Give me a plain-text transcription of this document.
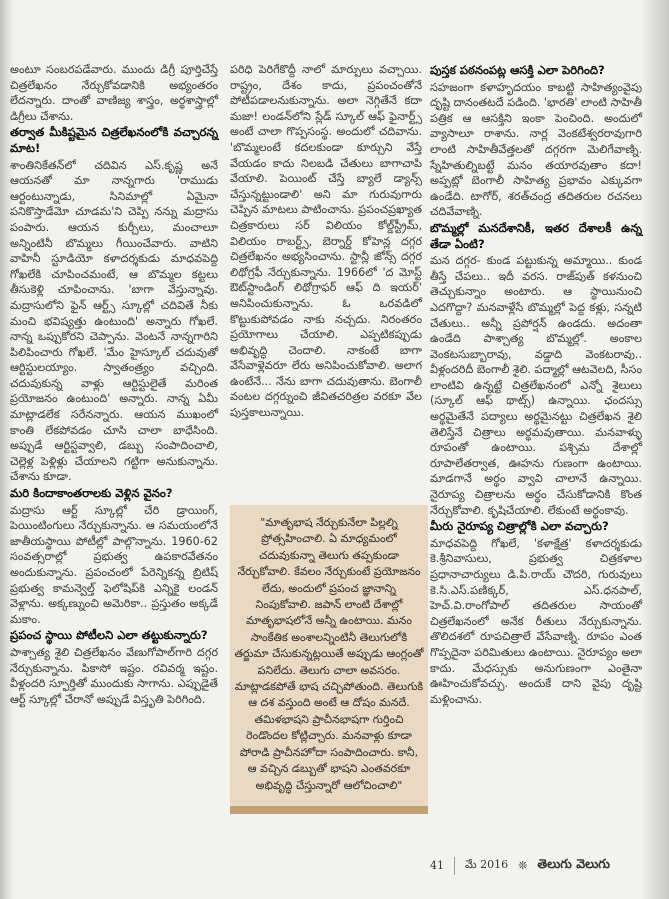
అంటూ సంబరపడేవారు. ముందు డిగ్రీ పూర్తిచేస్తే చిత్రలేఖనం నేర్చుకోవడానికి అభ్యంతరం లేదన్నారు. దాంతో వాణిజ్య శాస్త్రం, అర్థశాస్త్రాల్లో డిగ్రీలు చేశాను.

తర్వాత మీకిష్టమైన చిత్రలేఖనంలోకి వచ్చారన్న మాట!

శాంతినికేతన్‌లో చదివిన ఎస్.కృష్ణ అనే ఆయనతో మా నాన్నగారు 'రాముడు ఆర్టంటున్నాడు, సినిమాల్లో ఏమైనా పనికొస్తాడేమో చూడమ'ని చెప్పి నన్ను మద్రాసు పంపారు. ఆయన కుర్చీలు, మంచాలూ అన్నింటినీ బొమ్మలు గీయించేవారు. వాటిని వాహినీ స్టూడియో కళాదర్శకుడు మాధవపెద్ది గోఖలేకి చూపించమంటే, ఆ బొమ్మల కట్టలు తీసుకెళ్లి చూపించాను. 'బాగా వేస్తున్నావు. మద్రాసులోని ఫైన్ ఆర్ట్స్ స్కూల్లో చదివితే నీకు మంచి భవిష్యత్తు ఉంటుంది' అన్నారు గోఖలే. నాన్న ఒప్పుకోరని చెప్పాను. వెంటనే నాన్నగారిని పిలిపించారు గోఖలే. 'మేం హైస్కూల్ చదువుతో ఆర్టిస్టులయ్యాం. స్వాతంత్ర్యం వచ్చింది. చదువుకున్న వాళ్లు ఆర్టిస్టులైతే మరింత ప్రయోజనం ఉంటుంది' అన్నారు. నాన్న ఏమీ మాట్లాడలేక సరేనన్నారు. ఆయన ముఖంలో కాంతి లేకపోవడం చూసి చాలా బాధేసింది. అప్పుడే ఆర్టిస్టవ్వాలి, డబ్బు సంపాదించాలి, చెల్లెళ్ల పెళ్లిళ్లు చేయాలని గట్టిగా అనుకున్నాను. చేశాను కూడా.

మరి కిందాకాంతరాలకు వెళ్లిన వైనం?

మద్రాసు ఆర్ట్ స్కూల్లో చేరి డ్రాయింగ్, పెయింటింగులు నేర్చుకున్నాను. ఆ సమయంలోనే జాతీయస్థాయి పోటీల్లో పాల్గొన్నాను. 1960-62 సంవత్సరాల్లో ప్రభుత్వ ఉపకారవేతనం అందుకున్నాను. ప్రపంచంలో పేరెన్నికన్న బ్రిటిష్ ప్రభుత్వ కామన్వెల్త్ ఫెలోషిప్‌కి ఎన్నికై లండన్ వెళ్లాను. అక్కణ్నుంచి అమెరికా.. ప్రస్తుతం అక్కడే మకాం.

ప్రపంచ స్థాయి పోటీలని ఎలా తట్టుకున్నారు?

పాశ్చాత్య శైలి చిత్రలేఖనం వేణుగోపాల్‌గారి దగ్గర నేర్చుకున్నాను. పికాసో ఇష్టం. రవివర్మ ఇష్టం. వీళ్లందరి స్ఫూర్తితో ముందుకు సాగాను. ఎప్పుడైతే ఆర్ట్ స్కూల్లో చేరానో అప్పుడే విస్తృతి పెరిగింది.

పరిధి పెరిగేకొద్దీ నాలో మార్పులు వచ్చాయి. రాష్ట్రం, దేశం కాదు, ప్రపంచంతోనే పోటీపడాలనుకున్నాను. అలా నెగ్గితేనే కదా మజా! లండన్‌లోని స్లేడ్ స్కూల్ ఆఫ్ ఫైనార్ట్స్ అంటే చాలా గొప్పసంస్థ. అందులో చదివాను. 'బొమ్మలంటే కదలకుండా కూర్చుని వేస్తే వేయడం కాదు నిలబడి చేతులు బాగాచాపి వేయాలి. పెయింట్ చేస్తే బ్యాలే డ్యాన్స్ చేస్తున్నట్టుండాలి' అని మా గురువుగారు చెప్పిన మాటలు పాటించాను. ప్రపంచప్రఖ్యాత చిత్రకారులు సర్ విలియం కోల్డ్‌స్ట్రీమ్, విలియం రాబర్ట్స్, బెర్నార్డ్ కోహెన్ల దగ్గర చిత్రలేఖనం అభ్యసించాను. స్టాన్లీ జోన్స్ దగ్గర లిథోగ్రఫీ నేర్చుకున్నాను. 1966లో 'ద మోస్ట్ ఔట్‌స్టాండింగ్ లిథోగ్రాఫర్ ఆఫ్ ది ఇయర్' అనిపించుకున్నాను. ఓ ఒరవడిలో కొట్టుకుపోవడం నాకు నచ్చదు. నిరంతరం ప్రయోగాలు చేయాలి. ఎప్పటికప్పుడు అభివృద్ధి చెందాలి. నాకంటే బాగా వేసేవాళ్లెవరూ లేరు అనిపించుకోవాలి. అలాగ ఉంటేనే... నేను బాగా చదువుతాను. బెంగాలీ వంటల దగ్గర్నుంచి జీవితచరిత్రల వరకూ వేల పుస్తకాలున్నాయి.

"మాతృభాష నేర్చుకునేలా పిల్లల్ని ప్రోత్సహించాలి. ఏ మాధ్యమంలో చదువుకున్నా తెలుగు తప్పకుండా నేర్చుకోవాలి. కేవలం నేర్చుకుంటే ప్రయోజనం లేదు, అందులో ప్రపంచ జ్ఞానాన్ని నింపుకోవాలి. జపాన్ లాంటి దేశాల్లో మాతృభాషలోనే అన్నీ ఉంటాయి. మనం సాంకేతిక అంశాలన్నింటినీ తెలుగులోకి తర్జుమా చేసుకున్నట్లయితే అప్పుడు ఆంగ్లంతో పనిలేదు. తెలుగు చాలా అవసరం. మాట్లాడకపోతే భాష చచ్చిపోతుంది. తెలుగుకి ఆ దశ వస్తుంది అంటే ఆ దోషం మనదే. తమిళభాషని ప్రాచీనభాషగా గుర్తించి రెండొందల కోట్లిచ్చారు. మనవాళ్లు కూడా పోరాడి ప్రాచీనహోదా సంపాదించారు. కానీ, ఆ వచ్చిన డబ్బుతో భాషని ఎంతవరకూ అభివృద్ధి చేస్తున్నారో ఆలోచించాలి"
పుస్తక పఠనంపట్ల ఆసక్తి ఎలా పెరిగింది?

సహజంగా కళాహృదయం కాబట్టి సాహిత్యంవైపు దృష్టి దానంతటదే పడింది. 'భారతి' లాంటి సాహితీ పత్రిక ఆ ఆసక్తిని ఇంకా పెంచింది. అందులో వ్యాసాలూ రాశాను. నార్ల వెంకటేశ్వరరావుగారి లాంటి సాహితీవేత్తలతో దగ్గరగా మెలిగేవాణ్ని. స్నేహితుల్నిబట్టే మనం తయారవుతాం కదా! అప్పట్లో బెంగాలీ సాహిత్య ప్రభావం ఎక్కువగా ఉండేది. టాగోర్, శరత్‌చంద్ర తదితరుల రచనలు చదివేవాణ్ని.

బొమ్మల్లో మనదేశానికీ, ఇతర దేశాలకీ ఉన్న తేడా ఏంటి?

మన దగ్గర- కుండ పట్టుకున్న అమ్మాయి.. కుండ తీస్తే చేపలు.. ఇదీ వరస. రాజ్‌పుత్ కళనుంచి తెచ్చుకున్నాం అంటారు. ఆ స్థాయినుంచి ఎదగొద్దా? మనవాళ్లేసే బొమ్మల్లో పెద్ద కళ్లు, సన్నటి చేతులు.. అన్నీ ప్రపోర్షన్ ఉండదు. అదంతా ఉండేది పాశ్చాత్య బొమ్మల్లో. అంకాల వెంకటసుబ్బారావు, వడ్డాది వెంకటరావు.. వీళ్లందరిదీ బెంగాలీ శైలి. పద్మాల్లో ఆటవెలది, సీసం లాంటివి ఉన్నట్టే చిత్రలేఖనంలో ఎన్నో శైలులు (స్కూల్ ఆఫ్ థాట్స్) ఉన్నాయి. ఛందస్సు అర్థమైతేనే పద్యాలు అర్థమైనట్టు చిత్రలేఖన శైలి తెలిస్తేనే చిత్రాలు అర్థమవుతాయి. మనవాళ్ళు రూపంతో ఉంటాయి. పశ్చిమ దేశాల్లో రూపాలేతర్వాత, ఊహను గుణంగా ఉంటాయి. మాడగానే అర్థం వ్వావి చాలానే ఉన్నాయి. నైరూప్య చిత్రాలను అర్థం చేసుకోడానికి కొంత నేర్చుకోవాలి. కృషిచేయాలి. లేకుంటే అర్థంకావు.

మీరు నైరూప్య చిత్రాల్లోకి ఎలా వచ్చారు?

మాధవపెద్ది గోఖలే, 'కళాక్షేత్ర' కళాదర్శకుడు కె.శ్రీనివాసులు, ప్రభుత్వ చిత్రకళాల ప్రధానాచార్యులు డి.పి.రాయ్ చౌదరి, గురువులు కె.సి.ఎస్.పణిక్కర్, ఎస్.ధనపాల్, హెచ్.వి.రాంగోపాల్ తదితరుల సాయంతో చిత్రలేఖనంలో అనేక రీతులు నేర్చుకున్నాను. తొలిదశలో రూపచిత్రాలే వేసేవాణ్ని. రూపం ఎంత గొప్పదైనా పరిమితులు ఉంటాయి. నైరూప్యం అలా కాదు. మేధస్సుకు అనుగుణంగా ఎంతైనా ఊహించుకోవచ్చు. అందుకే దాని వైపు దృష్టి మళ్లించాను.

41 మే 2016 ❊ తెలుగు వెలుగు
